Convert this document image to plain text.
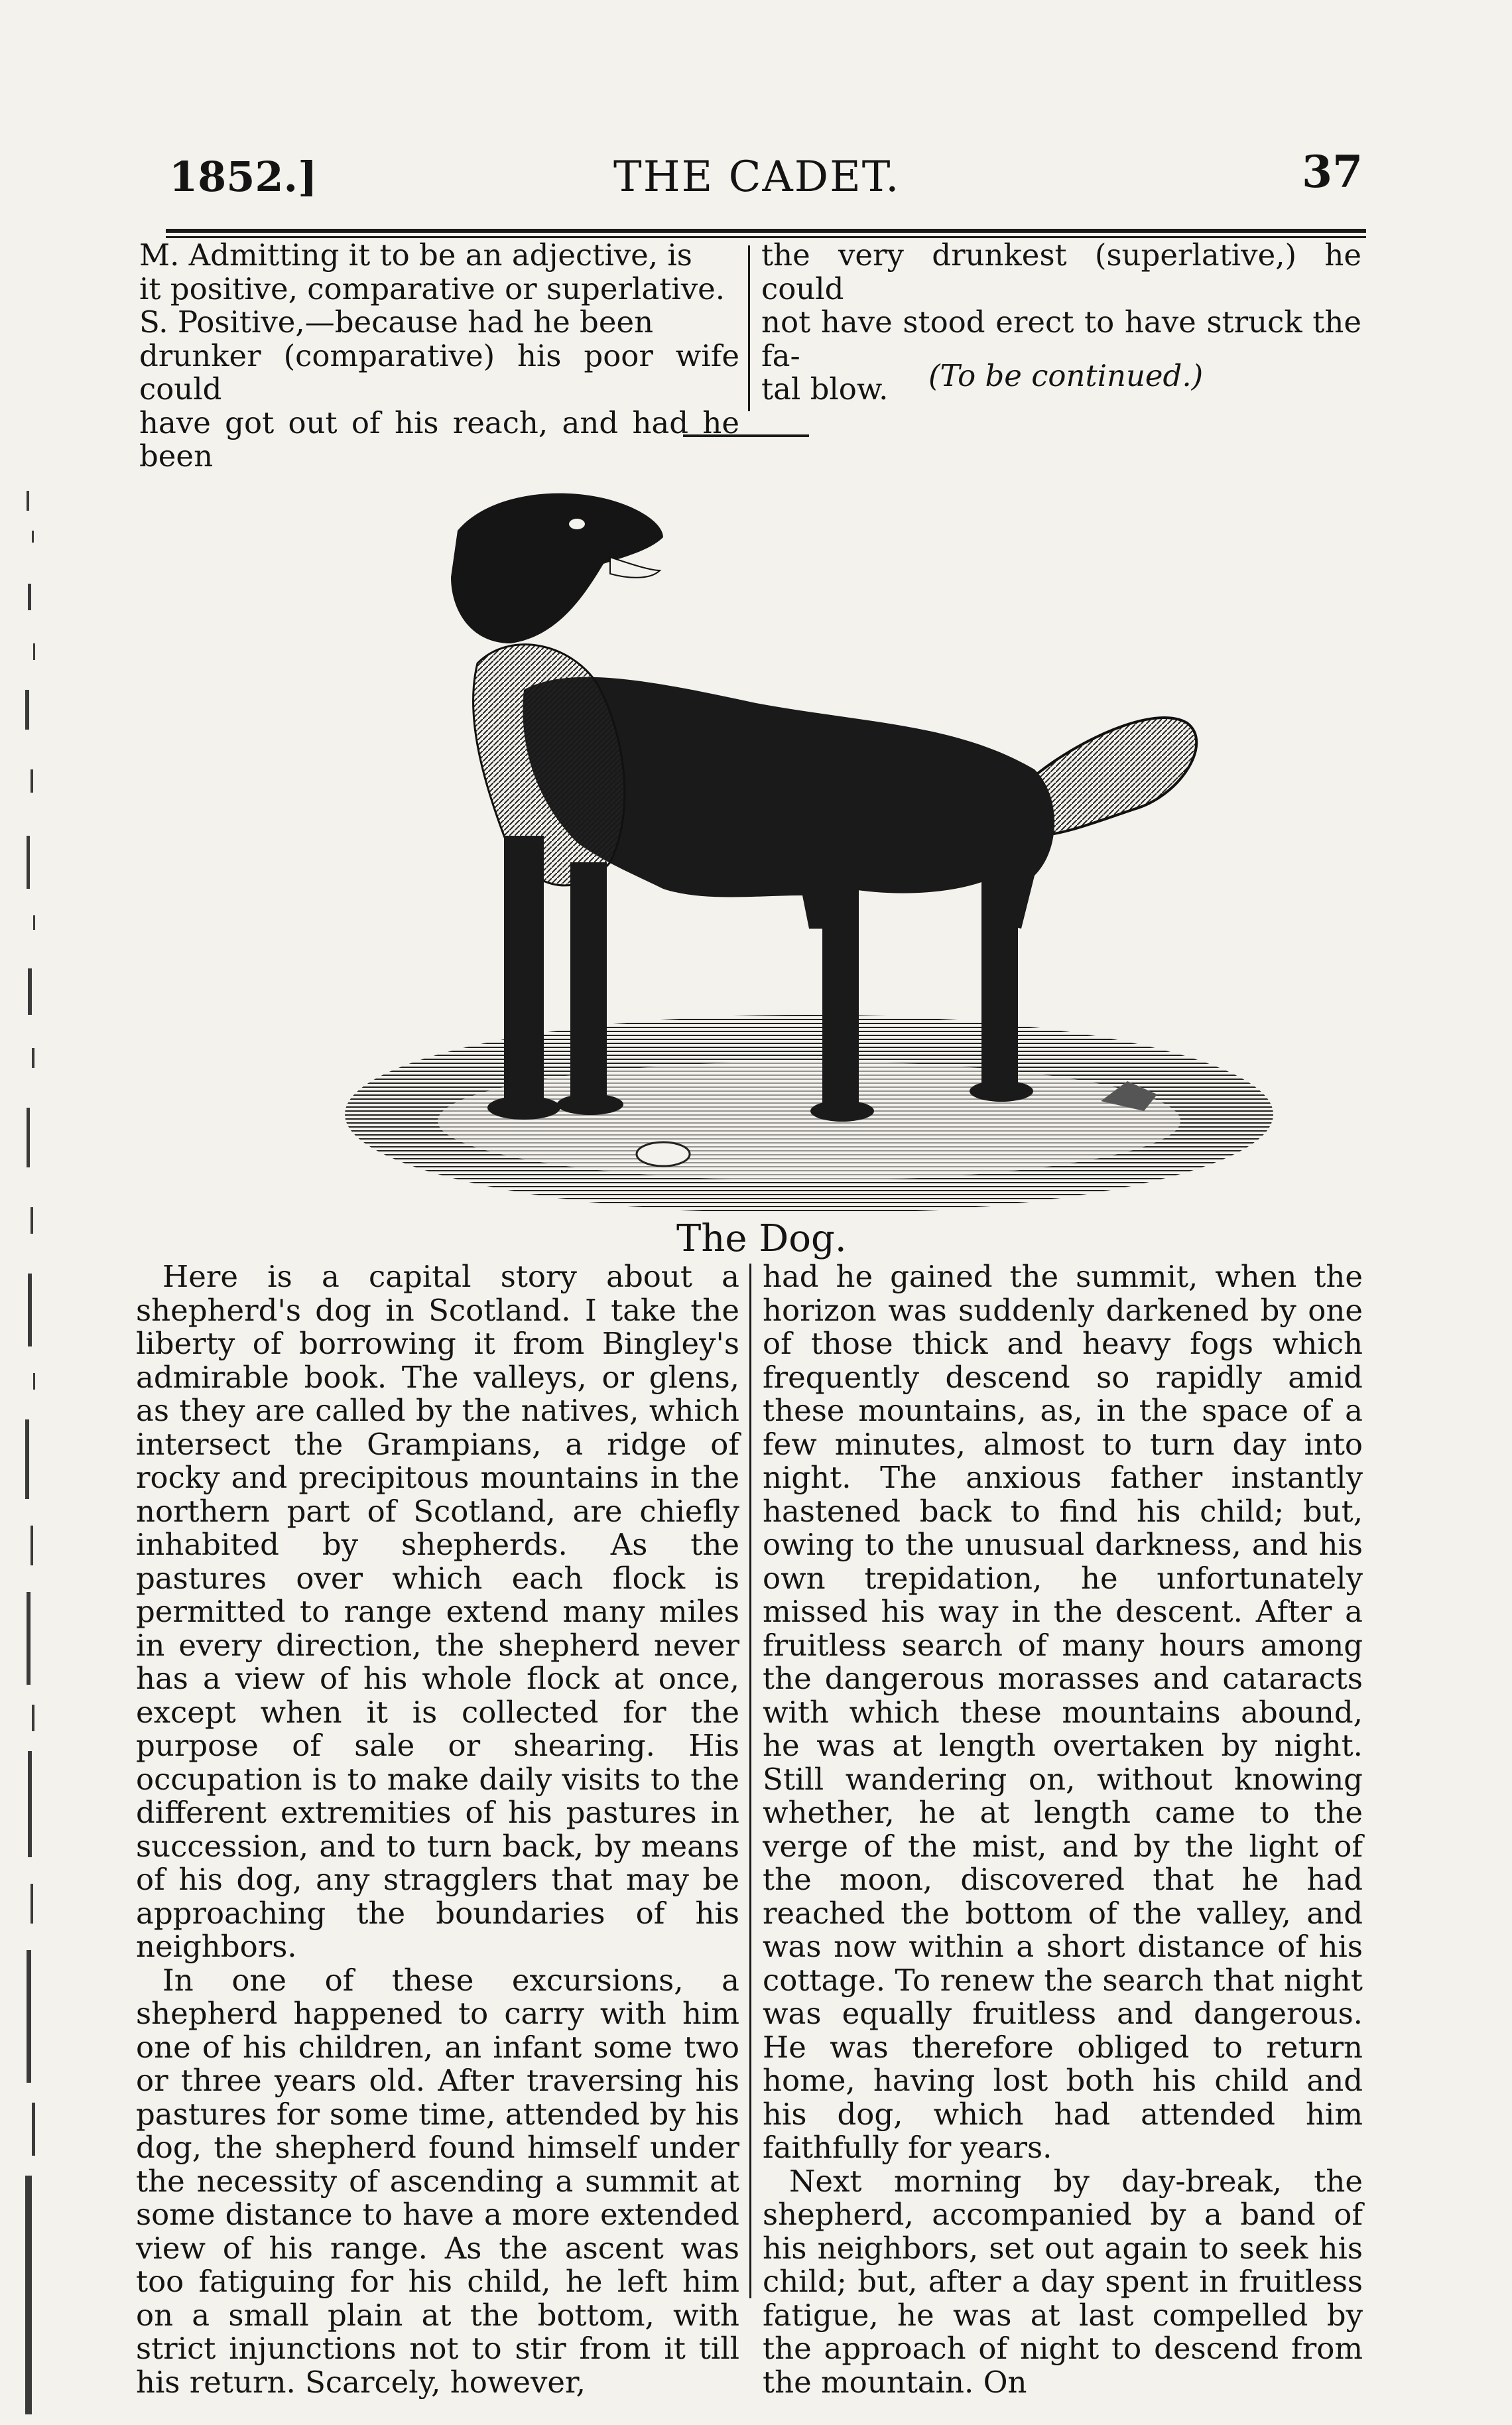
1852.]	THE CADET.	37
M. Admitting it to be an adjective, is
it positive, comparative or superlative.
S. Positive,—because had he been
drunker (comparative) his poor wife could
have got out of his reach, and had he been
the very drunkest (superlative,) he could
not have stood erect to have struck the fa-
tal blow.	(To be continued.)
The Dog.

Here is a capital story about a shepherd's dog in Scotland. I take the liberty of borrowing it from Bingley's admirable book. The valleys, or glens, as they are called by the natives, which intersect the Grampians, a ridge of rocky and precipitous mountains in the northern part of Scotland, are chiefly inhabited by shepherds. As the pastures over which each flock is permitted to range extend many miles in every direction, the shepherd never has a view of his whole flock at once, except when it is collected for the purpose of sale or shearing. His occupation is to make daily visits to the different extremities of his pastures in succession, and to turn back, by means of his dog, any stragglers that may be approaching the boundaries of his neighbors.

In one of these excursions, a shepherd happened to carry with him one of his children, an infant some two or three years old. After traversing his pastures for some time, attended by his dog, the shepherd found himself under the necessity of ascending a summit at some distance to have a more extended view of his range. As the ascent was too fatiguing for his child, he left him on a small plain at the bottom, with strict injunctions not to stir from it till his return. Scarcely, however,

had he gained the summit, when the horizon was suddenly darkened by one of those thick and heavy fogs which frequently descend so rapidly amid these mountains, as, in the space of a few minutes, almost to turn day into night. The anxious father instantly hastened back to find his child; but, owing to the unusual darkness, and his own trepidation, he unfortunately missed his way in the descent. After a fruitless search of many hours among the dangerous morasses and cataracts with which these mountains abound, he was at length overtaken by night. Still wandering on, without knowing whether, he at length came to the verge of the mist, and by the light of the moon, discovered that he had reached the bottom of the valley, and was now within a short distance of his cottage. To renew the search that night was equally fruitless and dangerous. He was therefore obliged to return home, having lost both his child and his dog, which had attended him faithfully for years.

Next morning by day-break, the shepherd, accompanied by a band of his neighbors, set out again to seek his child; but, after a day spent in fruitless fatigue, he was at last compelled by the approach of night to descend from the mountain. On
